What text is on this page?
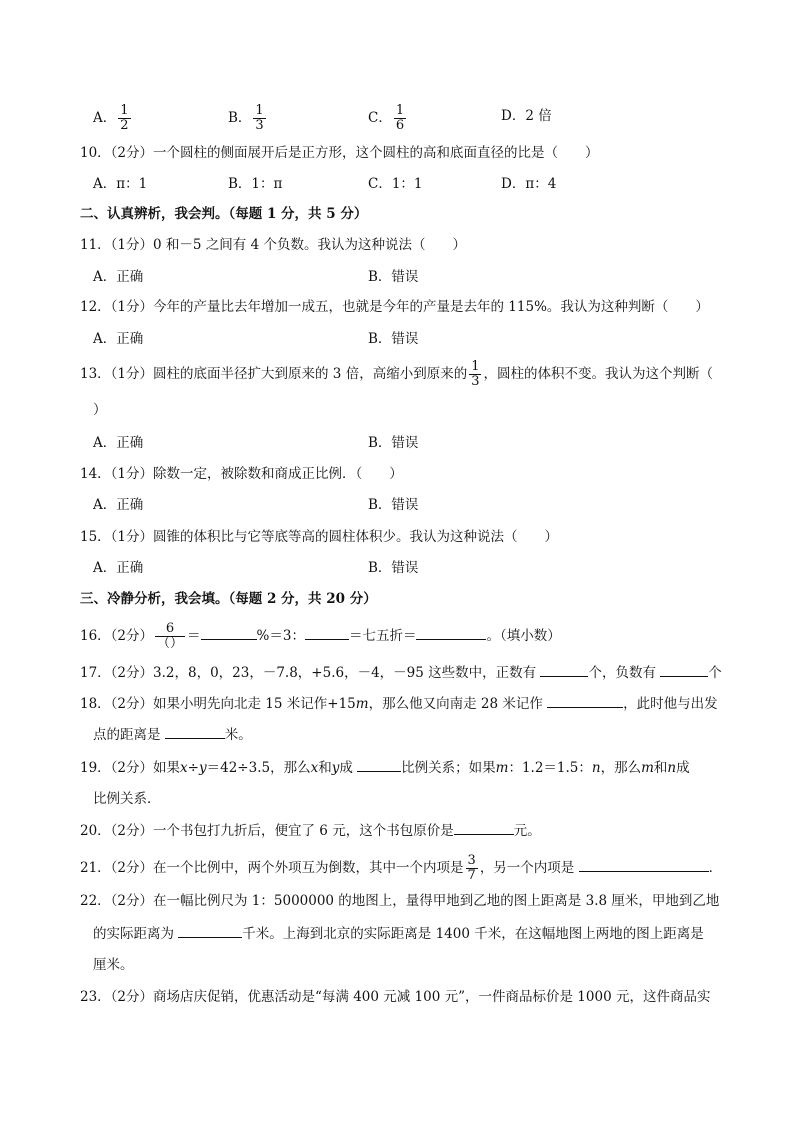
A． $\frac{1}{2}$	B． $\frac{1}{3}$	C． $\frac{1}{6}$	D．2 倍
10．（2分）一个圆柱的侧面展开后是正方形，这个圆柱的高和底面直径的比是（　　）
A．π：1	B．1：π	C．1：1	D．π：4
二、认真辨析，我会判。（每题 1 分，共 5 分）
11．（1分）0 和－5 之间有 4 个负数。我认为这种说法（　　）
A．正确	B．错误
12．（1分）今年的产量比去年增加一成五，也就是今年的产量是去年的 115%。我认为这种判断（　　）
A．正确	B．错误
13．（1分）圆柱的底面半径扩大到原来的 3 倍，高缩小到原来的 $\frac{1}{3}$ ，圆柱的体积不变。我认为这个判断（
）
A．正确	B．错误
14．（1分）除数一定，被除数和商成正比例．（　　）
A．正确	B．错误
15．（1分）圆锥的体积比与它等底等高的圆柱体积少。我认为这种说法（　　）
A．正确	B．错误
三、冷静分析，我会填。（每题 2 分，共 20 分）
16．（2分） $\frac{6}{()}$ ＝	%＝3：	＝七五折＝	。（填小数）
17．（2分）3.2，8，0，23，－7.8，+5.6，－4，－95 这些数中，正数有	个，负数有	个
18．（2分）如果小明先向北走 15 米记作+15m，那么他又向南走 28 米记作	，此时他与出发
点的距离是	米。
19．（2分）如果x÷y＝42÷3.5，那么x和y成	比例关系；如果m：1.2＝1.5：n，那么m和n成
比例关系．
20．（2分）一个书包打九折后，便宜了 6 元，这个书包原价是	元。
21．（2分）在一个比例中，两个外项互为倒数，其中一个内项是 $\frac{3}{7}$ ，另一个内项是	．
22．（2分）在一幅比例尺为 1：5000000 的地图上，量得甲地到乙地的图上距离是 3.8 厘米，甲地到乙地
的实际距离为	千米。上海到北京的实际距离是 1400 千米，在这幅地图上两地的图上距离是
厘米。
23．（2分）商场店庆促销，优惠活动是“每满 400 元减 100 元”，一件商品标价是 1000 元，这件商品实
